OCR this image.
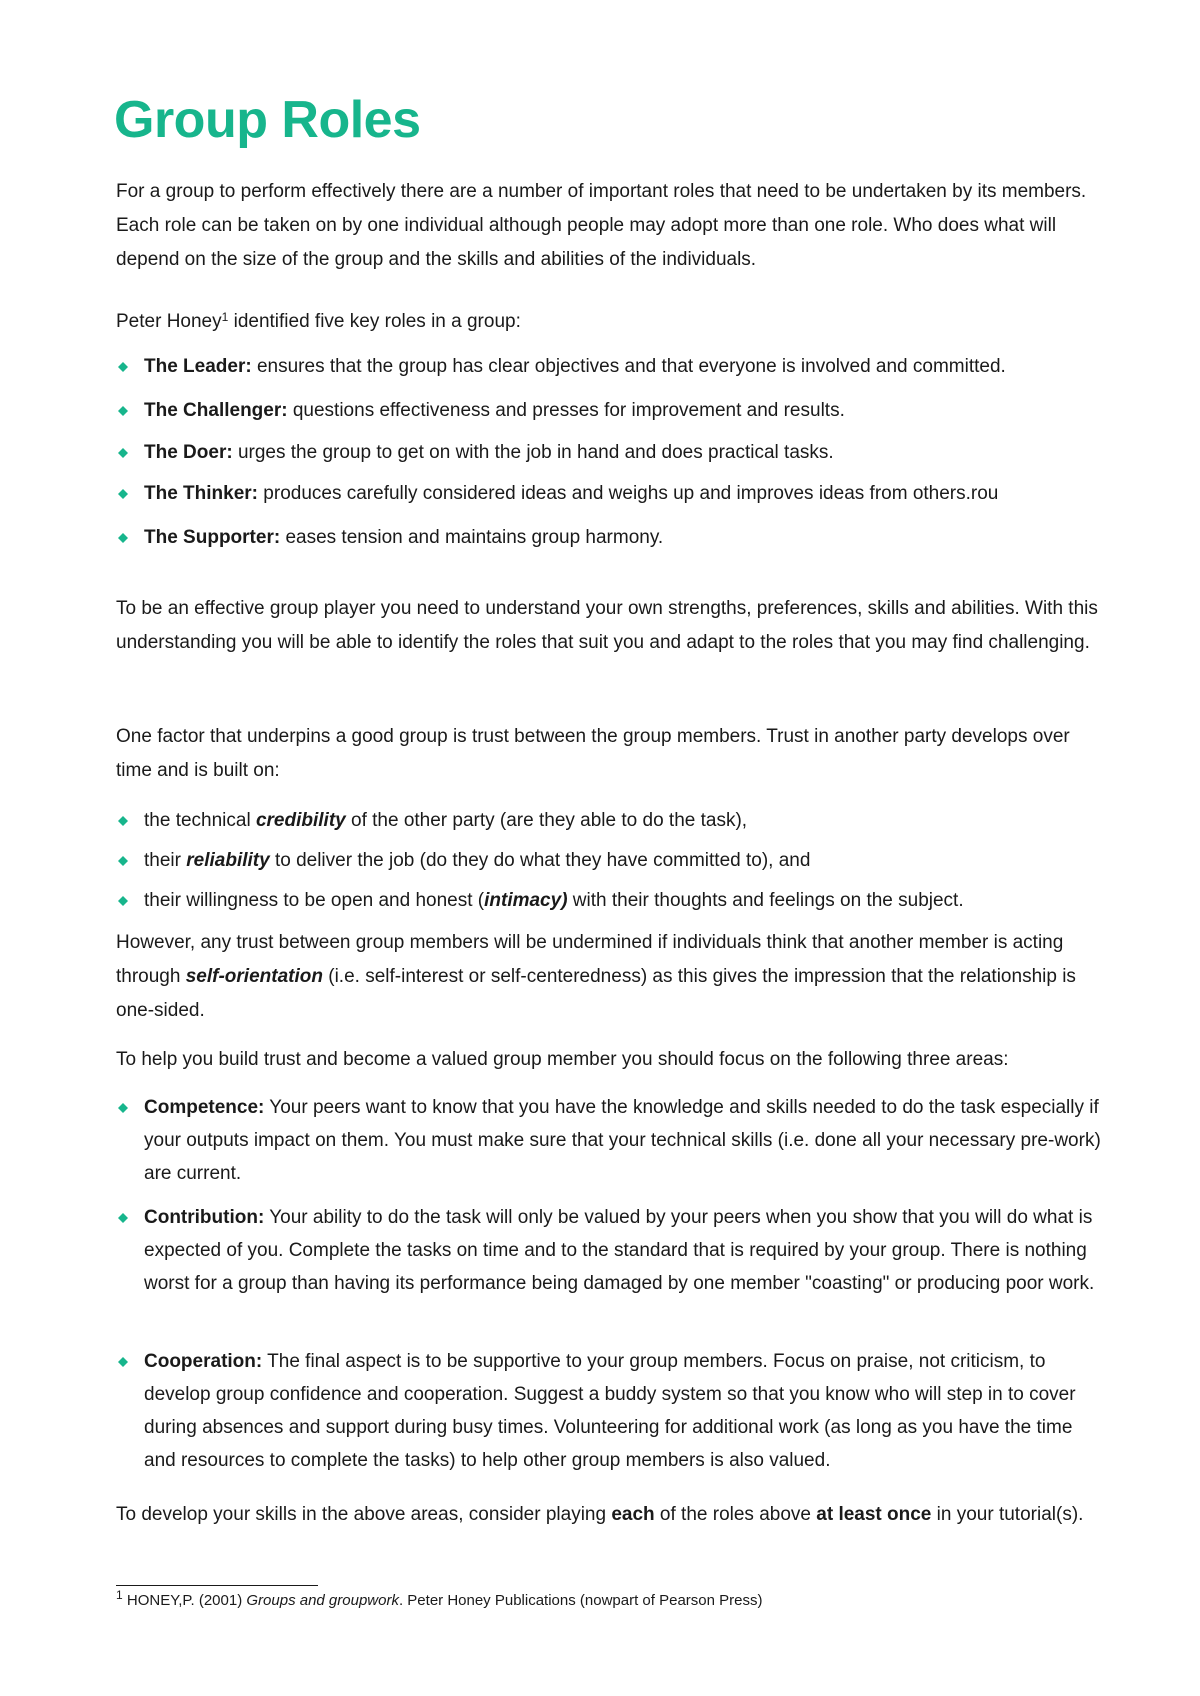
Group Roles

For a group to perform effectively there are a number of important roles that need to be undertaken by its members. Each role can be taken on by one individual although people may adopt more than one role. Who does what will depend on the size of the group and the skills and abilities of the individuals.

Peter Honey$^1$ identified five key roles in a group:

The Leader: ensures that the group has clear objectives and that everyone is involved and committed.
The Challenger: questions effectiveness and presses for improvement and results.
The Doer: urges the group to get on with the job in hand and does practical tasks.
The Thinker: produces carefully considered ideas and weighs up and improves ideas from others.rou
The Supporter: eases tension and maintains group harmony.

To be an effective group player you need to understand your own strengths, preferences, skills and abilities. With this understanding you will be able to identify the roles that suit you and adapt to the roles that you may find challenging.

One factor that underpins a good group is trust between the group members. Trust in another party develops over time and is built on:

the technical credibility of the other party (are they able to do the task),
their reliability to deliver the job (do they do what they have committed to), and
their willingness to be open and honest (intimacy) with their thoughts and feelings on the subject.

However, any trust between group members will be undermined if individuals think that another member is acting through self-orientation (i.e. self-interest or self-centeredness) as this gives the impression that the relationship is one-sided.

To help you build trust and become a valued group member you should focus on the following three areas:

Competence: Your peers want to know that you have the knowledge and skills needed to do the task especially if your outputs impact on them. You must make sure that your technical skills (i.e. done all your necessary pre-work) are current.
Contribution: Your ability to do the task will only be valued by your peers when you show that you will do what is expected of you. Complete the tasks on time and to the standard that is required by your group. There is nothing worst for a group than having its performance being damaged by one member "coasting" or producing poor work.
Cooperation: The final aspect is to be supportive to your group members. Focus on praise, not criticism, to develop group confidence and cooperation. Suggest a buddy system so that you know who will step in to cover during absences and support during busy times. Volunteering for additional work (as long as you have the time and resources to complete the tasks) to help other group members is also valued.

To develop your skills in the above areas, consider playing each of the roles above at least once in your tutorial(s).

$^1$ HONEY,P. (2001) Groups and groupwork. Peter Honey Publications (nowpart of Pearson Press)
